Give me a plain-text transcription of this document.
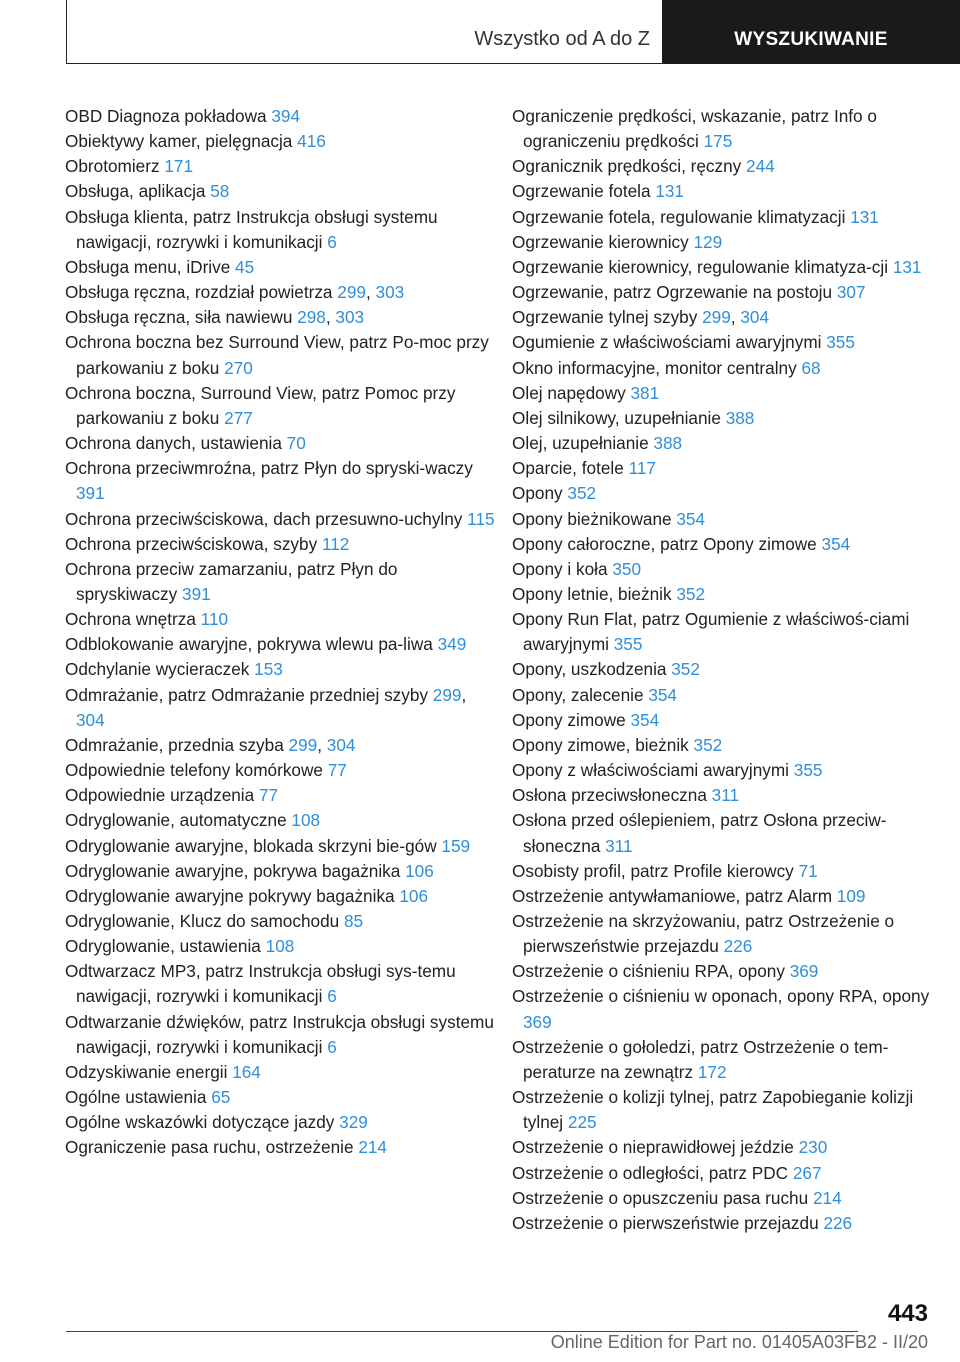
Wszystko od A do Z	WYSZUKIWANIE
OBD Diagnoza pokładowa 394
Obiektywy kamer, pielęgnacja 416
Obrotomierz 171
Obsługa, aplikacja 58
Obsługa klienta, patrz Instrukcja obsługi systemu nawigacji, rozrywki i komunikacji 6
Obsługa menu, iDrive 45
Obsługa ręczna, rozdział powietrza 299, 303
Obsługa ręczna, siła nawiewu 298, 303
Ochrona boczna bez Surround View, patrz Po-moc przy parkowaniu z boku 270
Ochrona boczna, Surround View, patrz Pomoc przy parkowaniu z boku 277
Ochrona danych, ustawienia 70
Ochrona przeciwmroźna, patrz Płyn do spryski-waczy 391
Ochrona przeciwściskowa, dach przesuwno-uchylny 115
Ochrona przeciwściskowa, szyby 112
Ochrona przeciw zamarzaniu, patrz Płyn do spryskiwaczy 391
Ochrona wnętrza 110
Odblokowanie awaryjne, pokrywa wlewu pa-liwa 349
Odchylanie wycieraczek 153
Odmrażanie, patrz Odmrażanie przedniej szyby 299, 304
Odmrażanie, przednia szyba 299, 304
Odpowiednie telefony komórkowe 77
Odpowiednie urządzenia 77
Odryglowanie, automatyczne 108
Odryglowanie awaryjne, blokada skrzyni bie-gów 159
Odryglowanie awaryjne, pokrywa bagażnika 106
Odryglowanie awaryjne pokrywy bagażnika 106
Odryglowanie, Klucz do samochodu 85
Odryglowanie, ustawienia 108
Odtwarzacz MP3, patrz Instrukcja obsługi sys-temu nawigacji, rozrywki i komunikacji 6
Odtwarzanie dźwięków, patrz Instrukcja obsługi systemu nawigacji, rozrywki i komunikacji 6
Odzyskiwanie energii 164
Ogólne ustawienia 65
Ogólne wskazówki dotyczące jazdy 329
Ograniczenie pasa ruchu, ostrzeżenie 214
Ograniczenie prędkości, wskazanie, patrz Info o ograniczeniu prędkości 175
Ogranicznik prędkości, ręczny 244
Ogrzewanie fotela 131
Ogrzewanie fotela, regulowanie klimatyzacji 131
Ogrzewanie kierownicy 129
Ogrzewanie kierownicy, regulowanie klimatyza-cji 131
Ogrzewanie, patrz Ogrzewanie na postoju 307
Ogrzewanie tylnej szyby 299, 304
Ogumienie z właściwościami awaryjnymi 355
Okno informacyjne, monitor centralny 68
Olej napędowy 381
Olej silnikowy, uzupełnianie 388
Olej, uzupełnianie 388
Oparcie, fotele 117
Opony 352
Opony bieżnikowane 354
Opony całoroczne, patrz Opony zimowe 354
Opony i koła 350
Opony letnie, bieżnik 352
Opony Run Flat, patrz Ogumienie z właściwoś-ciami awaryjnymi 355
Opony, uszkodzenia 352
Opony, zalecenie 354
Opony zimowe 354
Opony zimowe, bieżnik 352
Opony z właściwościami awaryjnymi 355
Osłona przeciwsłoneczna 311
Osłona przed oślepieniem, patrz Osłona przeciw-słoneczna 311
Osobisty profil, patrz Profile kierowcy 71
Ostrzeżenie antywłamaniowe, patrz Alarm 109
Ostrzeżenie na skrzyżowaniu, patrz Ostrzeżenie o pierwszeństwie przejazdu 226
Ostrzeżenie o ciśnieniu RPA, opony 369
Ostrzeżenie o ciśnieniu w oponach, opony RPA, opony 369
Ostrzeżenie o gołoledzi, patrz Ostrzeżenie o tem-peraturze na zewnątrz 172
Ostrzeżenie o kolizji tylnej, patrz Zapobieganie kolizji tylnej 225
Ostrzeżenie o nieprawidłowej jeździe 230
Ostrzeżenie o odległości, patrz PDC 267
Ostrzeżenie o opuszczeniu pasa ruchu 214
Ostrzeżenie o pierwszeństwie przejazdu 226
443
Online Edition for Part no. 01405A03FB2 - II/20
